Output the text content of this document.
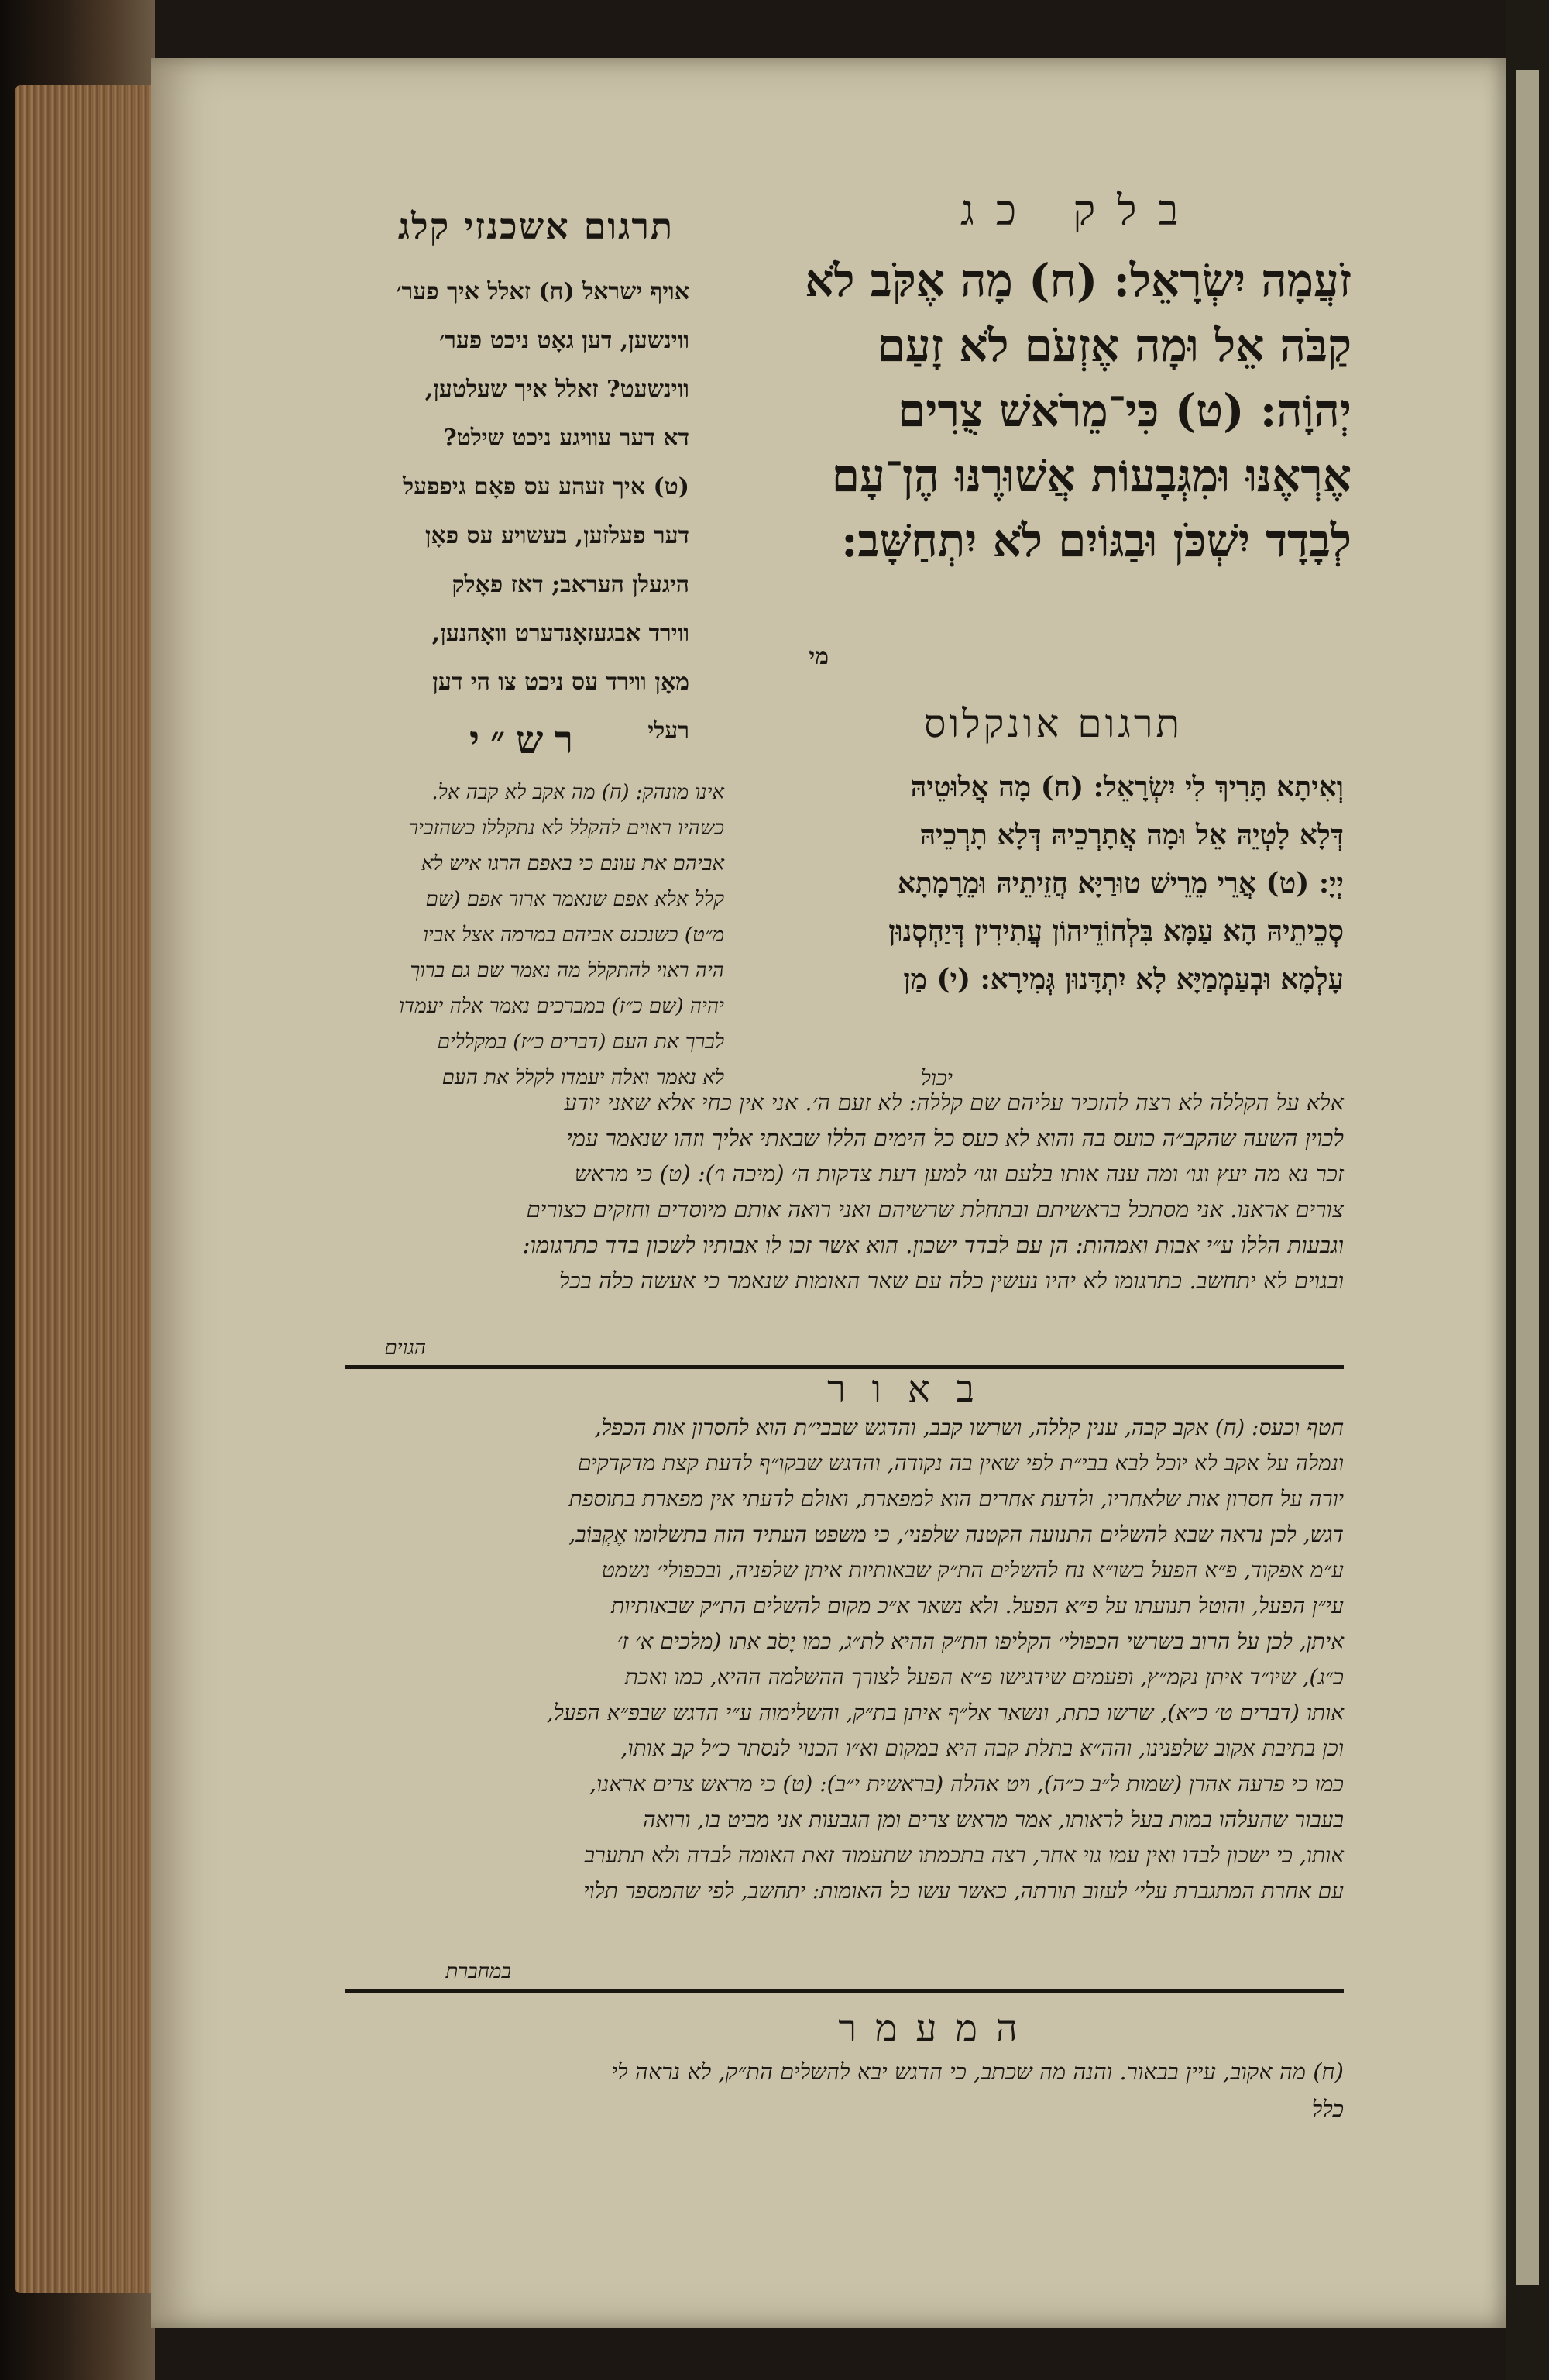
תרגום אשכנזי קלג	בלק כג
זֹעֲמָה יִשְׂרָאֵל: (ח) מָה אֶקֹּב לֹא
קַבֹּה אֵל וּמָה אֶזְעֹם לֹא זָעַם
יְהוָֹה: (ט) כִּי־מֵרֹאשׁ צֻרִים
אֶרְאֶנּוּ וּמִגְּבָעוֹת אֲשׁוּרֶנּוּ הֶן־עָם
לְבָדָד יִשְׁכֹּן וּבַגּוֹיִם לֹא יִתְחַשָּׁב:
אויף ישראל (ח) זאלל איך פער׳
ווינשען, דען גאָט ניכט פער׳
ווינשעט? זאלל איך שעלטען,
דא דער עוויגע ניכט שילט?
(ט) איך זעהע עס פאָם גיפפעל
דער פעלזען, בעשויע עס פאָן
היגעלן העראב; דאז פאָלק
ווירד אבגעזאָנדערט וואָהנען,
מאָן ווירד עס ניכט צו הי דען
רעלי
מי
רש״י	תרגום אונקלוס
אינו מונהק: (ח) מה אקב לא קבה אל.
כשהיו ראוים להקלל לא נתקללו כשהזכיר
אביהם את עונם כי באפם הרגו איש לא
קלל אלא אפם שנאמר ארור אפם (שם
מ״ט) כשנכנס אביהם במרמה אצל אביו
היה ראוי להתקלל מה נאמר שם גם ברוך
יהיה (שם כ״ז) במברכים נאמר אלה יעמדו
לברך את העם (דברים כ״ז) במקללים
לא נאמר ואלה יעמדו לקלל את העם
וְאִיתָא תָּרִיךְ לִי יִשְׂרָאֵל: (ח) מָה אֲלוּטֵיהּ
דְּלָא לָטְיֵהּ אֵל וּמָה אֲתָרְכֵיהּ דְּלָא תָרְכֵיהּ
יְיָ: (ט) אֲרֵי מֵרֵישׁ טוּרַיָּא חֲזֵיתֵיהּ וּמֵרָמָתָא
סְכֵיתֵיהּ הָא עַמָּא בִּלְחוֹדֵיהוֹן עֲתִידִין דְּיַחְסְנוּן
עָלְמָא וּבְעַמְמַיָּא לָא יִתְדָּנוּן גְּמִירָא: (י) מַן
יכול
אלא על הקללה לא רצה להזכיר עליהם שם קללה: לא זעם ה׳. אני אין כחי אלא שאני יודע
לכוין השעה שהקב״ה כועס בה והוא לא כעס כל הימים הללו שבאתי אליך וזהו שנאמר עמי
זכר נא מה יעץ וגו׳ ומה ענה אותו בלעם וגו׳ למען דעת צדקות ה׳ (מיכה ו׳): (ט) כי מראש
צורים אראנו. אני מסתכל בראשיתם ובתחלת שרשיהם ואני רואה אותם מיוסדים וחזקים כצורים
וגבעות הללו ע״י אבות ואמהות: הן עם לבדד ישכון. הוא אשר זכו לו אבותיו לשכון בדד כתרגומו:
ובגוים לא יתחשב. כתרגומו לא יהיו נעשין כלה עם שאר האומות שנאמר כי אעשה כלה בכל
הגוים
באור
חטף וכעס: (ח) אקב קבה, ענין קללה, ושרשו קבב, והדגש שבבי״ת הוא לחסרון אות הכפל,
ונמלה על אקב לא יוכל לבא בבי״ת לפי שאין בה נקודה, והדגש שבקו״ף לדעת קצת מדקדקים
יורה על חסרון אות שלאחריו, ולדעת אחרים הוא למפארת, ואולם לדעתי אין מפארת בתוספת
דגש, לכן נראה שבא להשלים התנועה הקטנה שלפני׳, כי משפט העתיד הזה בתשלומו אֶקְבּוֹב,
ע״מ אפקוד, פ״א הפעל בשו״א נח להשלים הת״ק שבאותיות איתן שלפניה, ובכפולי׳ נשמט
עי״ן הפעל, והוטל תנועתו על פ״א הפעל. ולא נשאר א״כ מקום להשלים הת״ק שבאותיות
איתן, לכן על הרוב בשרשי הכפולי׳ הקליפו הת״ק ההיא לת״ג, כמו יָסֹב אתו (מלכים א׳ ז׳
כ״ג), שיו״ד איתן נקמ״ץ, ופעמים שידגישו פ״א הפעל לצורך ההשלמה ההיא, כמו ואכת
אותו (דברים ט׳ כ״א), שרשו כתת, ונשאר אל״ף איתן בת״ק, והשלימוה ע״י הדגש שבפ״א הפעל,
וכן בתיבת אקוב שלפנינו, והה״א בתלת קבה היא במקום וא״ו הכנוי לנסתר כ״ל קב אותו,
כמו כי פרעה אהרן (שמות ל״ב כ״ה), ויט אהלה (בראשית י״ב): (ט) כי מראש צרים אראנו,
בעבור שהעלהו במות בעל לראותו, אמר מראש צרים ומן הגבעות אני מביט בו, ורואה
אותו, כי ישכון לבדו ואין עמו גוי אחר, רצה בתכמתו שתעמוד זאת האומה לבדה ולא תתערב
עם אחרת המתגברת עלי׳ לעזוב תורתה, כאשר עשו כל האומות: יתחשב, לפי שהמספר תלוי
במחברת
המעמר
(ח) מה אקוב, עיין בבאור. והנה מה שכתב, כי הדגש יבא להשלים הת״ק, לא נראה לי
כלל
